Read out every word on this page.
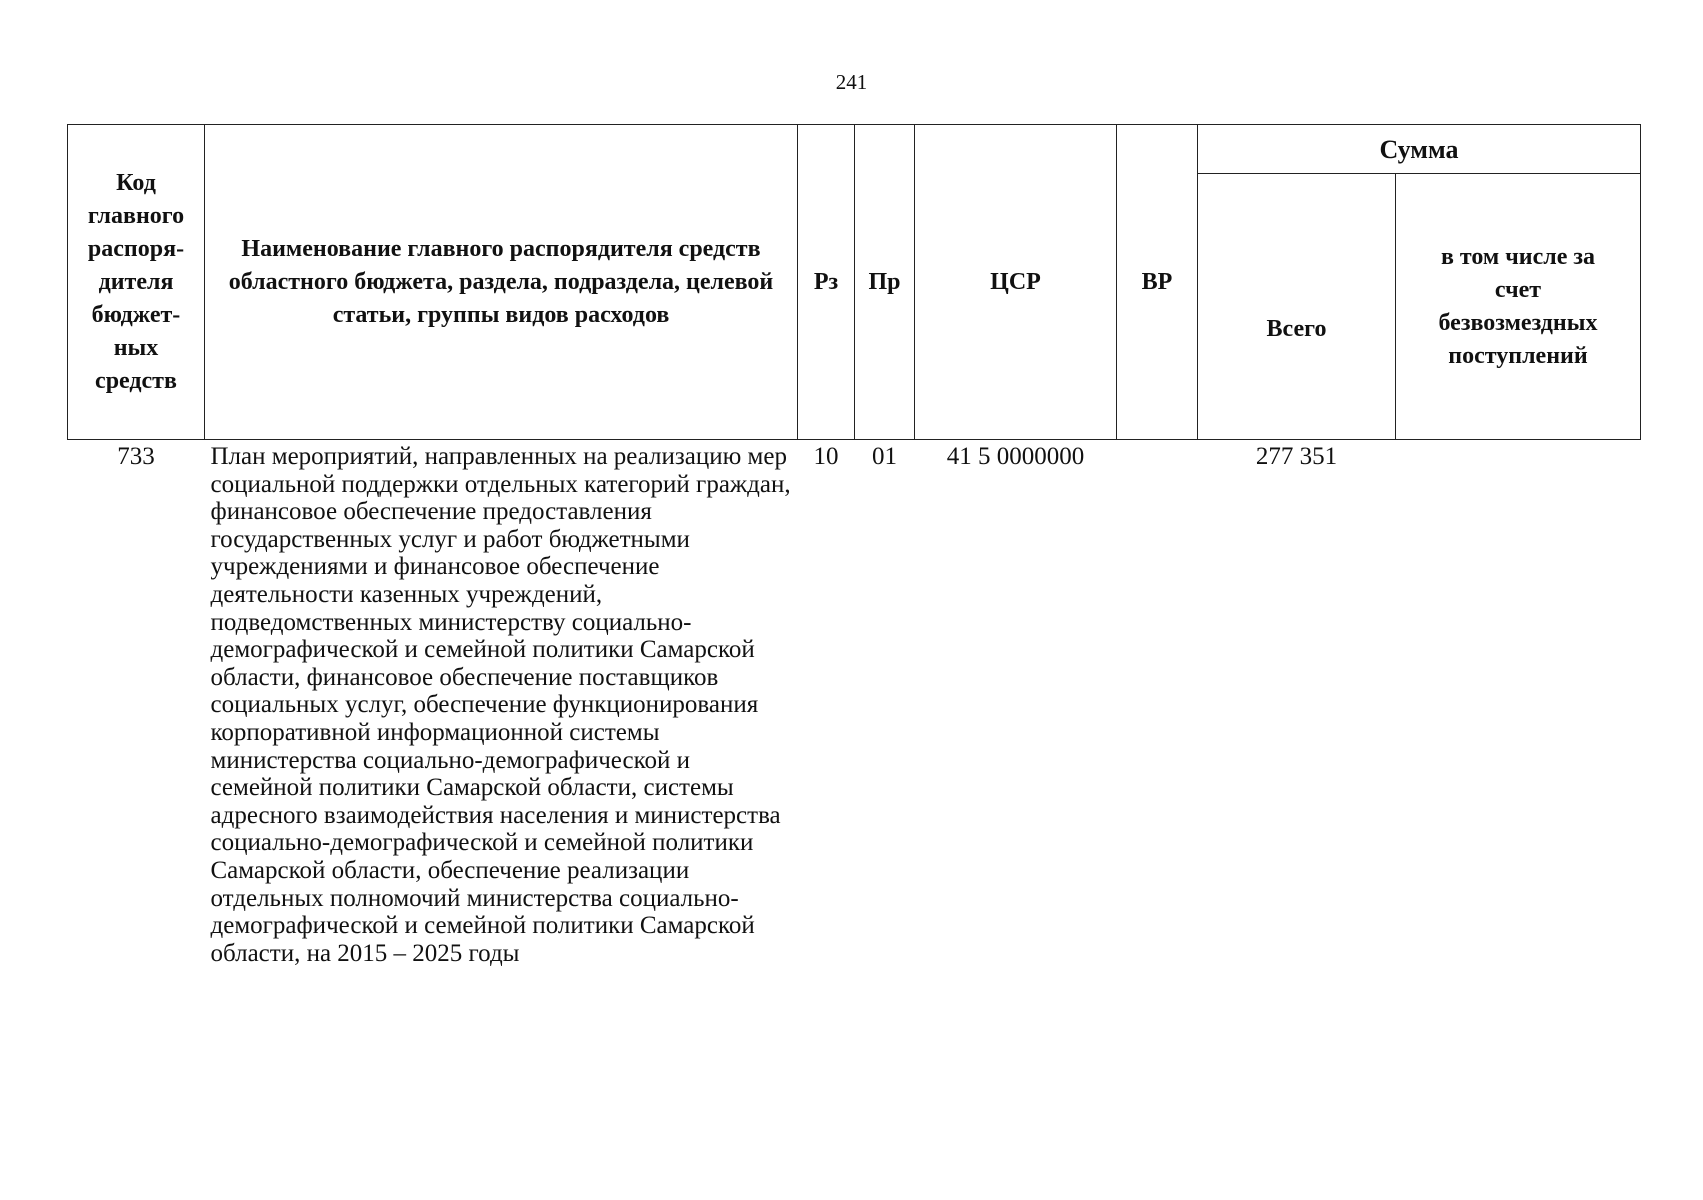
241
Код главного распоря-дителя бюджет-ных средств	Наименование главного распорядителя средств областного бюджета, раздела, подраздела, целевой статьи, группы видов расходов	Рз	Пр	ЦСР	ВР	Сумма	

						Всего	в том числе за счет безвозмездных поступлений

733	План мероприятий, направленных на реализацию мер социальной поддержки отдельных категорий граждан, финансовое обеспечение предоставления государственных услуг и работ бюджетными учреждениями и финансовое обеспечение деятельности казенных учреждений, подведомственных министерству социально-демографической и семейной политики Самарской области, финансовое обеспечение поставщиков социальных услуг, обеспечение функционирования корпоративной информационной системы министерства социально-демографической и семейной политики Самарской области, системы адресного взаимодействия населения и министерства социально-демографической и семейной политики Самарской области, обеспечение реализации отдельных полномочий министерства социально-демографической и семейной политики Самарской области, на 2015 – 2025 годы	10	01	41 5 0000000		277 351	
